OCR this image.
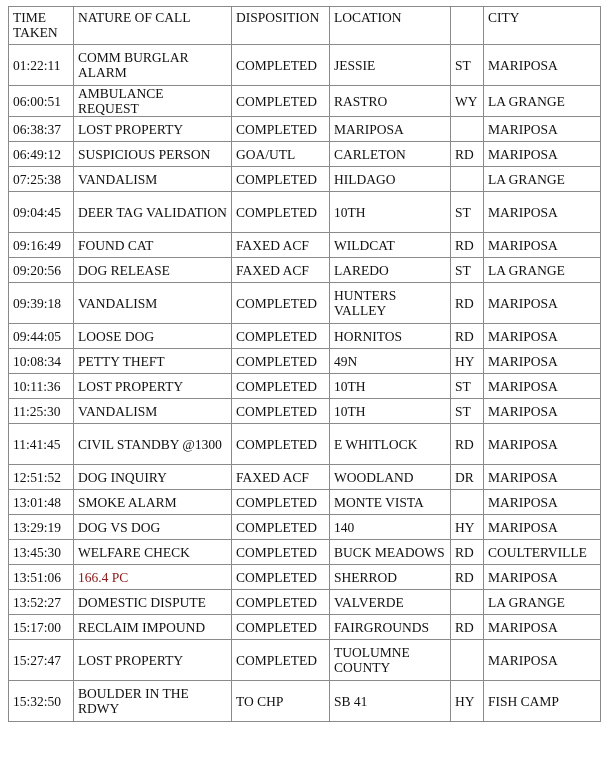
TIME TAKEN	NATURE OF CALL	DISPOSITION	LOCATION		CITY
01:22:11	COMM BURGLAR ALARM	COMPLETED	JESSIE	ST	MARIPOSA
06:00:51	AMBULANCE REQUEST	COMPLETED	RASTRO	WY	LA GRANGE
06:38:37	LOST PROPERTY	COMPLETED	MARIPOSA		MARIPOSA
06:49:12	SUSPICIOUS PERSON	GOA/UTL	CARLETON	RD	MARIPOSA
07:25:38	VANDALISM	COMPLETED	HILDAGO		LA GRANGE
09:04:45	DEER TAG VALIDATION	COMPLETED	10TH	ST	MARIPOSA
09:16:49	FOUND CAT	FAXED ACF	WILDCAT	RD	MARIPOSA
09:20:56	DOG RELEASE	FAXED ACF	LAREDO	ST	LA GRANGE
09:39:18	VANDALISM	COMPLETED	HUNTERS VALLEY	RD	MARIPOSA
09:44:05	LOOSE DOG	COMPLETED	HORNITOS	RD	MARIPOSA
10:08:34	PETTY THEFT	COMPLETED	49N	HY	MARIPOSA
10:11:36	LOST PROPERTY	COMPLETED	10TH	ST	MARIPOSA
11:25:30	VANDALISM	COMPLETED	10TH	ST	MARIPOSA
11:41:45	CIVIL STANDBY @1300	COMPLETED	E WHITLOCK	RD	MARIPOSA
12:51:52	DOG INQUIRY	FAXED ACF	WOODLAND	DR	MARIPOSA
13:01:48	SMOKE ALARM	COMPLETED	MONTE VISTA		MARIPOSA
13:29:19	DOG VS DOG	COMPLETED	140	HY	MARIPOSA
13:45:30	WELFARE CHECK	COMPLETED	BUCK MEADOWS	RD	COULTERVILLE
13:51:06	166.4 PC	COMPLETED	SHERROD	RD	MARIPOSA
13:52:27	DOMESTIC DISPUTE	COMPLETED	VALVERDE		LA GRANGE
15:17:00	RECLAIM IMPOUND	COMPLETED	FAIRGROUNDS	RD	MARIPOSA
15:27:47	LOST PROPERTY	COMPLETED	TUOLUMNE COUNTY		MARIPOSA
15:32:50	BOULDER IN THE RDWY	TO CHP	SB 41	HY	FISH CAMP
